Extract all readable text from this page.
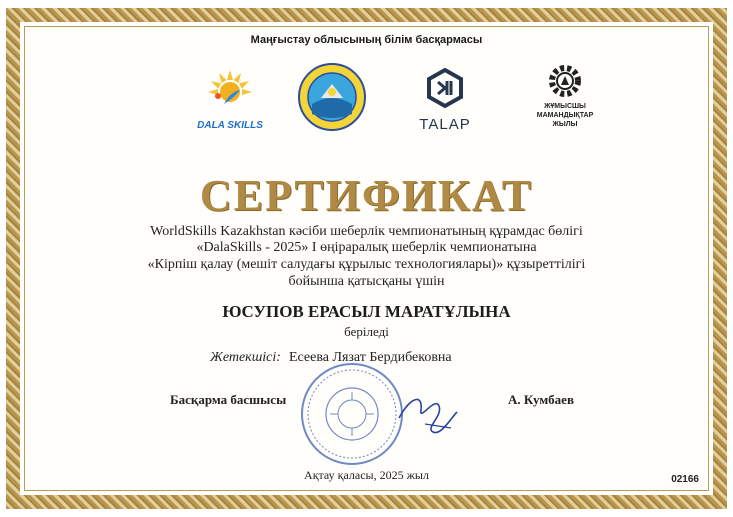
Маңғыстау облысының білім басқармасы
DALA SKILLS	TALAP
ЖҰМЫСШЫ МАМАНДЫҚТАР ЖЫЛЫ
СЕРТИФИКАТ
WorldSkills Kazakhstan кәсіби шеберлік чемпионатының құрамдас бөлігі
«DalaSkills - 2025» I өңіраралық шеберлік чемпионатына
«Кірпіш қалау (мешіт салудағы құрылыс технологиялары)» құзыреттілігі
бойынша қатысқаны үшін
ЮСУПОВ ЕРАСЫЛ МАРАТҰЛЫНА
беріледі
Жетекшісі: Есеева Лязат Бердибековна
Басқарма басшысы	А. Кумбаев
Ақтау қаласы, 2025 жыл	02166
